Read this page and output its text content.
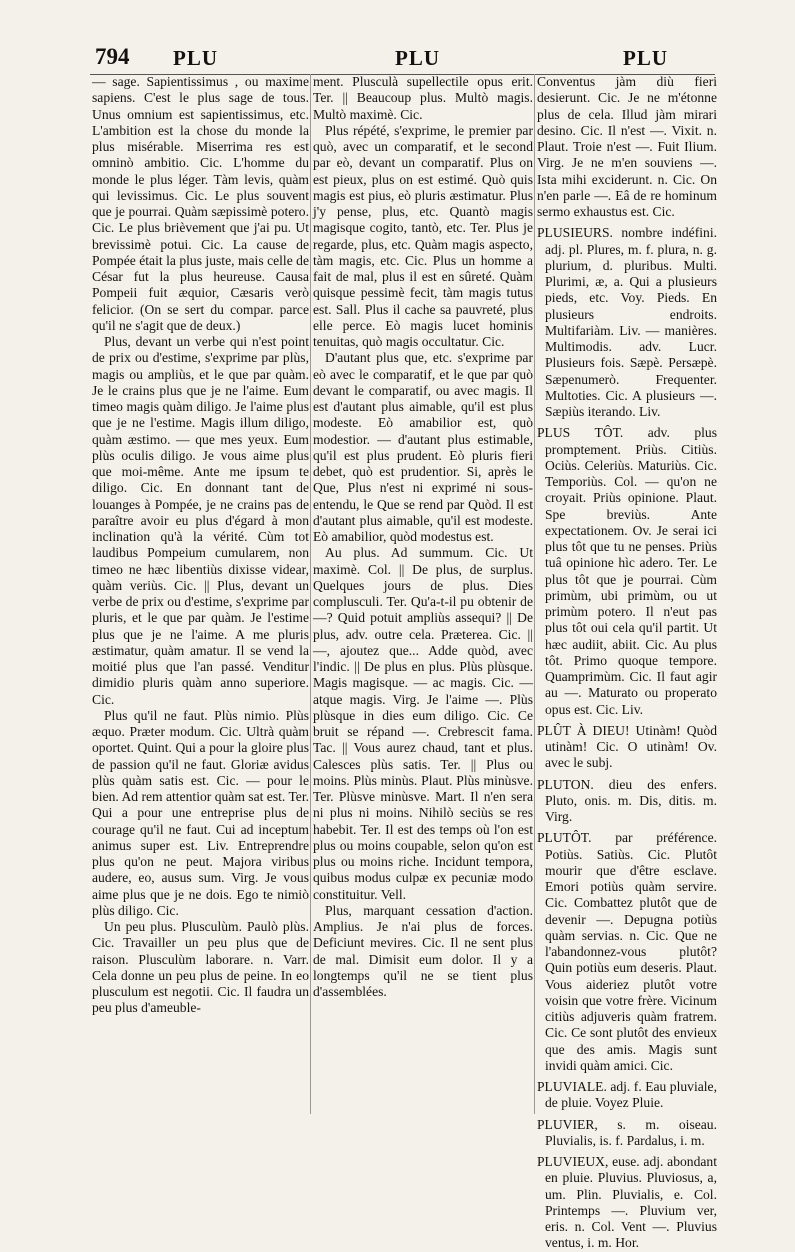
794 PLU	PLU	PLU

— sage. Sapientissimus , ou maxime sapiens. C'est le plus sage de tous. Unus omnium est sapientissimus, etc. L'ambition est la chose du monde la plus misérable. Miserrima res est omninò ambitio. Cic. L'homme du monde le plus léger. Tàm levis, quàm qui levissimus. Cic. Le plus souvent que je pourrai. Quàm sæpissimè potero. Cic. Le plus brièvement que j'ai pu. Ut brevissimè potui. Cic. La cause de Pompée était la plus juste, mais celle de César fut la plus heureuse. Causa Pompeii fuit æquior, Cæsaris verò felicior. (On se sert du compar. parce qu'il ne s'agit que de deux.)

Plus, devant un verbe qui n'est point de prix ou d'estime, s'exprime par plùs, magis ou ampliùs, et le que par quàm. Je le crains plus que je ne l'aime. Eum timeo magis quàm diligo. Je l'aime plus que je ne l'estime. Magis illum diligo, quàm æstimo. — que mes yeux. Eum plùs oculis diligo. Je vous aime plus que moi-même. Ante me ipsum te diligo. Cic. En donnant tant de louanges à Pompée, je ne crains pas de paraître avoir eu plus d'égard à mon inclination qu'à la vérité. Cùm tot laudibus Pompeium cumularem, non timeo ne hæc libentiùs dixisse videar, quàm veriùs. Cic. || Plus, devant un verbe de prix ou d'estime, s'exprime par pluris, et le que par quàm. Je l'estime plus que je ne l'aime. A me pluris æstimatur, quàm amatur. Il se vend la moitié plus que l'an passé. Venditur dimidio pluris quàm anno superiore. Cic.

Plus qu'il ne faut. Plùs nimio. Plùs æquo. Præter modum. Cic. Ultrà quàm oportet. Quint. Qui a pour la gloire plus de passion qu'il ne faut. Gloriæ avidus plùs quàm satis est. Cic. — pour le bien. Ad rem attentior quàm sat est. Ter. Qui a pour une entreprise plus de courage qu'il ne faut. Cui ad inceptum animus super est. Liv. Entreprendre plus qu'on ne peut. Majora viribus audere, eo, ausus sum. Virg. Je vous aime plus que je ne dois. Ego te nimiò plùs diligo. Cic.

Un peu plus. Plusculùm. Paulò plùs. Cic. Travailler un peu plus que de raison. Plusculùm laborare. n. Varr. Cela donne un peu plus de peine. In eo plusculum est negotii. Cic. Il faudra un peu plus d'ameuble-

ment. Plusculà supellectile opus erit. Ter. || Beaucoup plus. Multò magis. Multò maximè. Cic.

Plus répété, s'exprime, le premier par quò, avec un comparatif, et le second par eò, devant un comparatif. Plus on est pieux, plus on est estimé. Quò quis magis est pius, eò pluris æstimatur. Plus j'y pense, plus, etc. Quantò magis magisque cogito, tantò, etc. Ter. Plus je regarde, plus, etc. Quàm magis aspecto, tàm magis, etc. Cic. Plus un homme a fait de mal, plus il est en sûreté. Quàm quisque pessimè fecit, tàm magis tutus est. Sall. Plus il cache sa pauvreté, plus elle perce. Eò magis lucet hominis tenuitas, quò magis occultatur. Cic.

D'autant plus que, etc. s'exprime par eò avec le comparatif, et le que par quò devant le comparatif, ou avec magis. Il est d'autant plus aimable, qu'il est plus modeste. Eò amabilior est, quò modestior. — d'autant plus estimable, qu'il est plus prudent. Eò pluris fieri debet, quò est prudentior. Si, après le Que, Plus n'est ni exprimé ni sous-entendu, le Que se rend par Quòd. Il est d'autant plus aimable, qu'il est modeste. Eò amabilior, quòd modestus est.

Au plus. Ad summum. Cic. Ut maximè. Col. || De plus, de surplus. Quelques jours de plus. Dies complusculi. Ter. Qu'a-t-il pu obtenir de —? Quid potuit ampliùs assequi? || De plus, adv. outre cela. Præterea. Cic. || —, ajoutez que... Adde quòd, avec l'indic. || De plus en plus. Plùs plùsque. Magis magisque. — ac magis. Cic. — atque magis. Virg. Je l'aime —. Plùs plùsque in dies eum diligo. Cic. Ce bruit se répand —. Crebrescit fama. Tac. || Vous aurez chaud, tant et plus. Calesces plùs satis. Ter. || Plus ou moins. Plùs minùs. Plaut. Plùs minùsve. Ter. Plùsve minùsve. Mart. Il n'en sera ni plus ni moins. Nihilò seciùs se res habebit. Ter. Il est des temps où l'on est plus ou moins coupable, selon qu'on est plus ou moins riche. Incidunt tempora, quibus modus culpæ ex pecuniæ modo constituitur. Vell.

Plus, marquant cessation d'action. Amplius. Je n'ai plus de forces. Deficiunt mevires. Cic. Il ne sent plus de mal. Dimisit eum dolor. Il y a longtemps qu'il ne se tient plus d'assemblées.

Conventus jàm diù fieri desierunt. Cic. Je ne m'étonne plus de cela. Illud jàm mirari desino. Cic. Il n'est —. Vixit. n. Plaut. Troie n'est —. Fuit Ilium. Virg. Je ne m'en souviens —. Ista mihi exciderunt. n. Cic. On n'en parle —. Eâ de re hominum sermo exhaustus est. Cic.

PLUSIEURS. nombre indéfini. adj. pl. Plures, m. f. plura, n. g. plurium, d. pluribus. Multi. Plurimi, æ, a. Qui a plusieurs pieds, etc. Voy. Pieds. En plusieurs endroits. Multifariàm. Liv. — manières. Multimodis. adv. Lucr. Plusieurs fois. Sæpè. Persæpè. Sæpenumerò. Frequenter. Multoties. Cic. A plusieurs —. Sæpiùs iterando. Liv.

PLUS TÔT. adv. plus promptement. Priùs. Citiùs. Ociùs. Celeriùs. Maturiùs. Cic. Temporiùs. Col. — qu'on ne croyait. Priùs opinione. Plaut. Spe breviùs. Ante expectationem. Ov. Je serai ici plus tôt que tu ne penses. Priùs tuâ opinione hìc adero. Ter. Le plus tôt que je pourrai. Cùm primùm, ubi primùm, ou ut primùm potero. Il n'eut pas plus tôt oui cela qu'il partit. Ut hæc audiit, abiit. Cic. Au plus tôt. Primo quoque tempore. Quamprimùm. Cic. Il faut agir au —. Maturato ou properato opus est. Cic. Liv.

PLÛT À DIEU! Utinàm! Quòd utinàm! Cic. O utinàm! Ov. avec le subj.

PLUTON. dieu des enfers. Pluto, onis. m. Dis, ditis. m. Virg.

PLUTÔT. par préférence. Potiùs. Satiùs. Cic. Plutôt mourir que d'être esclave. Emori potiùs quàm servire. Cic. Combattez plutôt que de devenir —. Depugna potiùs quàm servias. n. Cic. Que ne l'abandonnez-vous plutôt? Quin potiùs eum deseris. Plaut. Vous aideriez plutôt votre voisin que votre frère. Vicinum citiùs adjuveris quàm fratrem. Cic. Ce sont plutôt des envieux que des amis. Magis sunt invidi quàm amici. Cic.

PLUVIALE. adj. f. Eau pluviale, de pluie. Voyez Pluie.

PLUVIER, s. m. oiseau. Pluvialis, is. f. Pardalus, i. m.

PLUVIEUX, euse. adj. abondant en pluie. Pluvius. Pluviosus, a, um. Plin. Pluvialis, e. Col. Printemps —. Pluvium ver, eris. n. Col. Vent —. Pluvius ventus, i. m. Hor.
